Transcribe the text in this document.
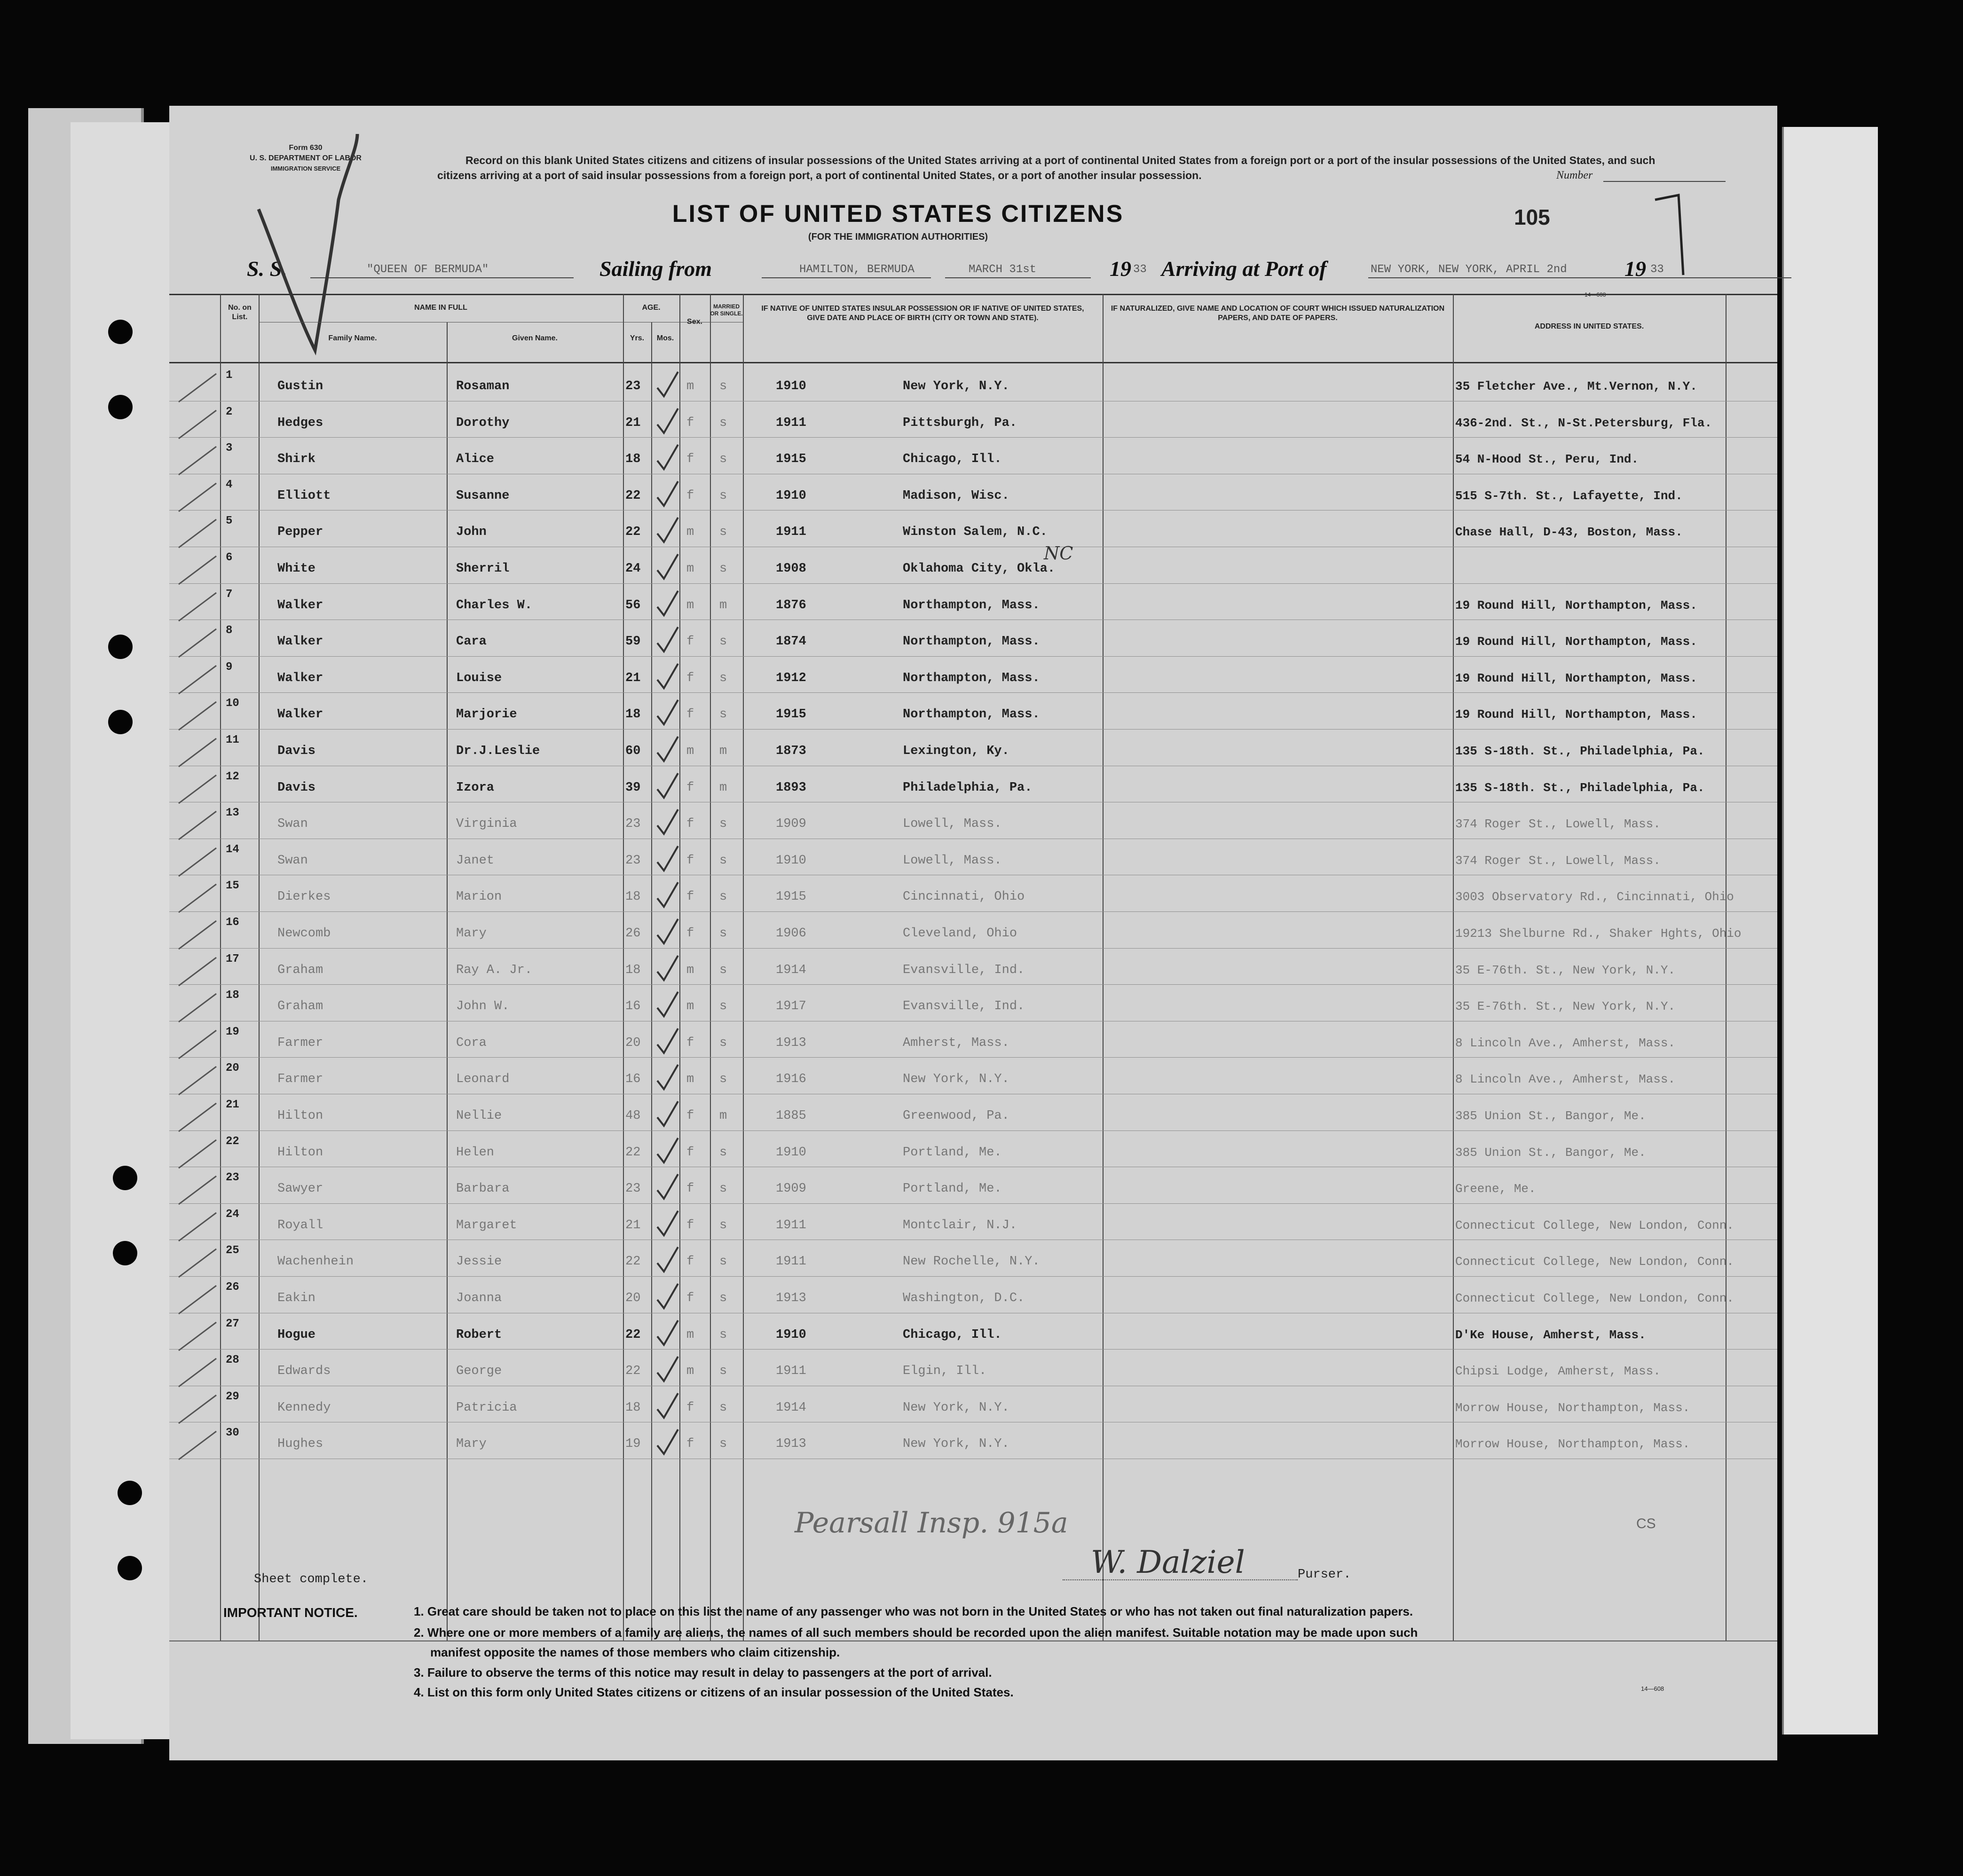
Form 630
U. S. DEPARTMENT OF LABOR
IMMIGRATION SERVICE
Record on this blank United States citizens and citizens of insular possessions of the United States arriving at a port of continental United States from a foreign port or a port of the insular possessions of the United States, and such citizens arriving at a port of said insular possessions from a foreign port, a port of continental United States, or a port of another insular possession.	Number
105
LIST OF UNITED STATES CITIZENS
(FOR THE IMMIGRATION AUTHORITIES)
S. S.	"QUEEN OF BERMUDA"	Sailing from	HAMILTON, BERMUDA	MARCH 31st	19 33 Arriving at Port of	NEW YORK, NEW YORK, APRIL 2nd	19 33
14—608
No. on List.
NAME IN FULL
Family Name.	Given Name.
AGE.
Yrs.	Mos.
Sex.
MARRIED OR SINGLE.
IF NATIVE OF UNITED STATES INSULAR POSSESSION OR IF NATIVE OF UNITED STATES, GIVE DATE AND PLACE OF BIRTH (CITY OR TOWN AND STATE).
IF NATURALIZED, GIVE NAME AND LOCATION OF COURT WHICH ISSUED NATURALIZATION PAPERS, AND DATE OF PAPERS.
ADDRESS IN UNITED STATES.
1
Gustin	Rosaman	23	m s	1910	New York, N.Y.	35 Fletcher Ave., Mt.Vernon, N.Y.
2
Hedges	Dorothy	21	f s	1911	Pittsburgh, Pa.	436-2nd. St., N-St.Petersburg, Fla.
3
Shirk	Alice	18	f s	1915	Chicago, Ill.	54 N-Hood St., Peru, Ind.
4
Elliott	Susanne	22	f s	1910	Madison, Wisc.	515 S-7th. St., Lafayette, Ind.
5
Pepper	John	22	m s	1911	Winston Salem, N.C.	Chase Hall, D-43, Boston, Mass.
6
White	Sherril	24	m s	1908	Oklahoma City, Okla.
7
Walker	Charles W.	56	m m	1876	Northampton, Mass.	19 Round Hill, Northampton, Mass.
8
Walker	Cara	59	f s	1874	Northampton, Mass.	19 Round Hill, Northampton, Mass.
9
Walker	Louise	21	f s	1912	Northampton, Mass.	19 Round Hill, Northampton, Mass.
10
Walker	Marjorie	18	f s	1915	Northampton, Mass.	19 Round Hill, Northampton, Mass.
11
Davis	Dr.J.Leslie	60	m m	1873	Lexington, Ky.	135 S-18th. St., Philadelphia, Pa.
12
Davis	Izora	39	f m	1893	Philadelphia, Pa.	135 S-18th. St., Philadelphia, Pa.
13
Swan	Virginia	23	f s	1909	Lowell, Mass.	374 Roger St., Lowell, Mass.
14
Swan	Janet	23	f s	1910	Lowell, Mass.	374 Roger St., Lowell, Mass.
15
Dierkes	Marion	18	f s	1915	Cincinnati, Ohio	3003 Observatory Rd., Cincinnati, Ohio
16
Newcomb	Mary	26	f s	1906	Cleveland, Ohio	19213 Shelburne Rd., Shaker Hghts, Ohio
17
Graham	Ray A. Jr.	18	m s	1914	Evansville, Ind.	35 E-76th. St., New York, N.Y.
18
Graham	John W.	16	m s	1917	Evansville, Ind.	35 E-76th. St., New York, N.Y.
19
Farmer	Cora	20	f s	1913	Amherst, Mass.	8 Lincoln Ave., Amherst, Mass.
20
Farmer	Leonard	16	m s	1916	New York, N.Y.	8 Lincoln Ave., Amherst, Mass.
21
Hilton	Nellie	48	f m	1885	Greenwood, Pa.	385 Union St., Bangor, Me.
22
Hilton	Helen	22	f s	1910	Portland, Me.	385 Union St., Bangor, Me.
23
Sawyer	Barbara	23	f s	1909	Portland, Me.	Greene, Me.
24
Royall	Margaret	21	f s	1911	Montclair, N.J.	Connecticut College, New London, Conn.
25
Wachenhein	Jessie	22	f s	1911	New Rochelle, N.Y.	Connecticut College, New London, Conn.
26
Eakin	Joanna	20	f s	1913	Washington, D.C.	Connecticut College, New London, Conn.
27
Hogue	Robert	22	m s	1910	Chicago, Ill.	D'Ke House, Amherst, Mass.
28
Edwards	George	22	m s	1911	Elgin, Ill.	Chipsi Lodge, Amherst, Mass.
29
Kennedy	Patricia	18	f s	1914	New York, N.Y.	Morrow House, Northampton, Mass.
30
Hughes	Mary	19	f s	1913	New York, N.Y.	Morrow House, Northampton, Mass.
Pearsall Insp. 915a	CS
NC
Sheet complete.	W. Dalziel	Purser.
IMPORTANT NOTICE.	1. Great care should be taken not to place on this list the name of any passenger who was not born in the United States or who has not taken out final naturalization papers.
2. Where one or more members of a family are aliens, the names of all such members should be recorded upon the alien manifest. Suitable notation may be made upon such
manifest opposite the names of those members who claim citizenship.
3. Failure to observe the terms of this notice may result in delay to passengers at the port of arrival.
4. List on this form only United States citizens or citizens of an insular possession of the United States.	14—608
